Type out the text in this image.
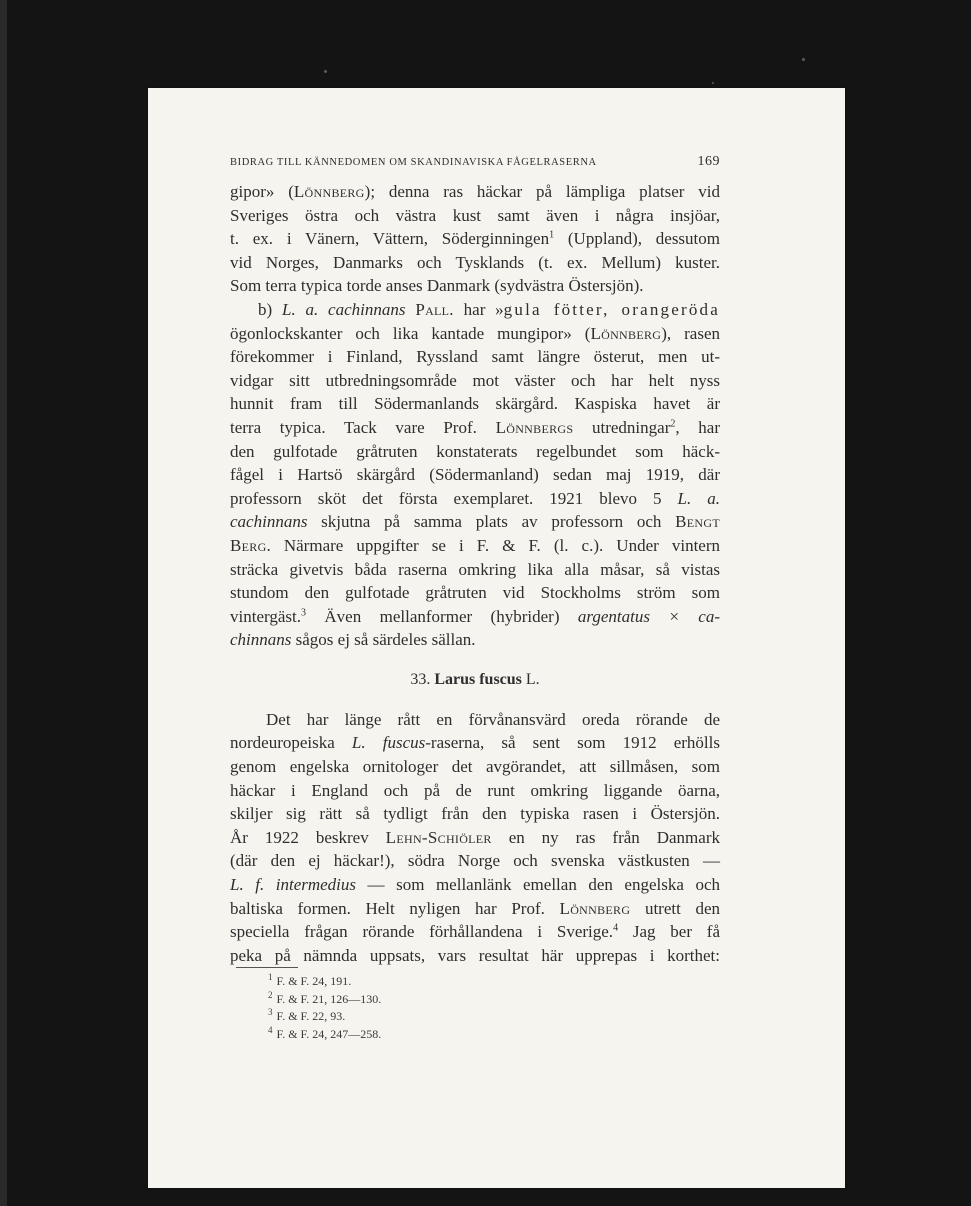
BIDRAG TILL KÄNNEDOMEN OM SKANDINAVISKA FÅGELRASERNA	169
gipor» (Lönnberg); denna ras häckar på lämpliga platser vid
Sveriges östra och västra kust samt även i några insjöar,
t. ex. i Vänern, Vättern, Söderginningen$^1$ (Uppland), dessutom
vid Norges, Danmarks och Tysklands (t. ex. Mellum) kuster.
Som terra typica torde anses Danmark (sydvästra Östersjön).
b) L. a. cachinnans Pall. har »gula fötter, orangeröda
ögonlockskanter och lika kantade mungipor» (Lönnberg), rasen
förekommer i Finland, Ryssland samt längre österut, men ut-
vidgar sitt utbredningsområde mot väster och har helt nyss
hunnit fram till Södermanlands skärgård. Kaspiska havet är
terra typica. Tack vare Prof. Lönnbergs utredningar$^2$, har
den gulfotade gråtruten konstaterats regelbundet som häck-
fågel i Hartsö skärgård (Södermanland) sedan maj 1919, där
professorn sköt det första exemplaret. 1921 blevo 5 L. a.
cachinnans skjutna på samma plats av professorn och Bengt
Berg. Närmare uppgifter se i F. & F. (l. c.). Under vintern
sträcka givetvis båda raserna omkring lika alla måsar, så vistas
stundom den gulfotade gråtruten vid Stockholms ström som
vintergäst.$^3$ Även mellanformer (hybrider) argentatus × ca-
chinnans sågos ej så särdeles sällan.
33. Larus fuscus L.
Det har länge rått en förvånansvärd oreda rörande de
nordeuropeiska L. fuscus-raserna, så sent som 1912 erhölls
genom engelska ornitologer det avgörandet, att sillmåsen, som
häckar i England och på de runt omkring liggande öarna,
skiljer sig rätt så tydligt från den typiska rasen i Östersjön.
År 1922 beskrev Lehn-Schiöler en ny ras från Danmark
(där den ej häckar!), södra Norge och svenska västkusten —
L. f. intermedius — som mellanlänk emellan den engelska och
baltiska formen. Helt nyligen har Prof. Lönnberg utrett den
speciella frågan rörande förhållandena i Sverige.$^4$ Jag ber få
peka på nämnda uppsats, vars resultat här upprepas i korthet:
$^1$ F. & F. 24, 191.
$^2$ F. & F. 21, 126—130.
$^3$ F. & F. 22, 93.
$^4$ F. & F. 24, 247—258.
